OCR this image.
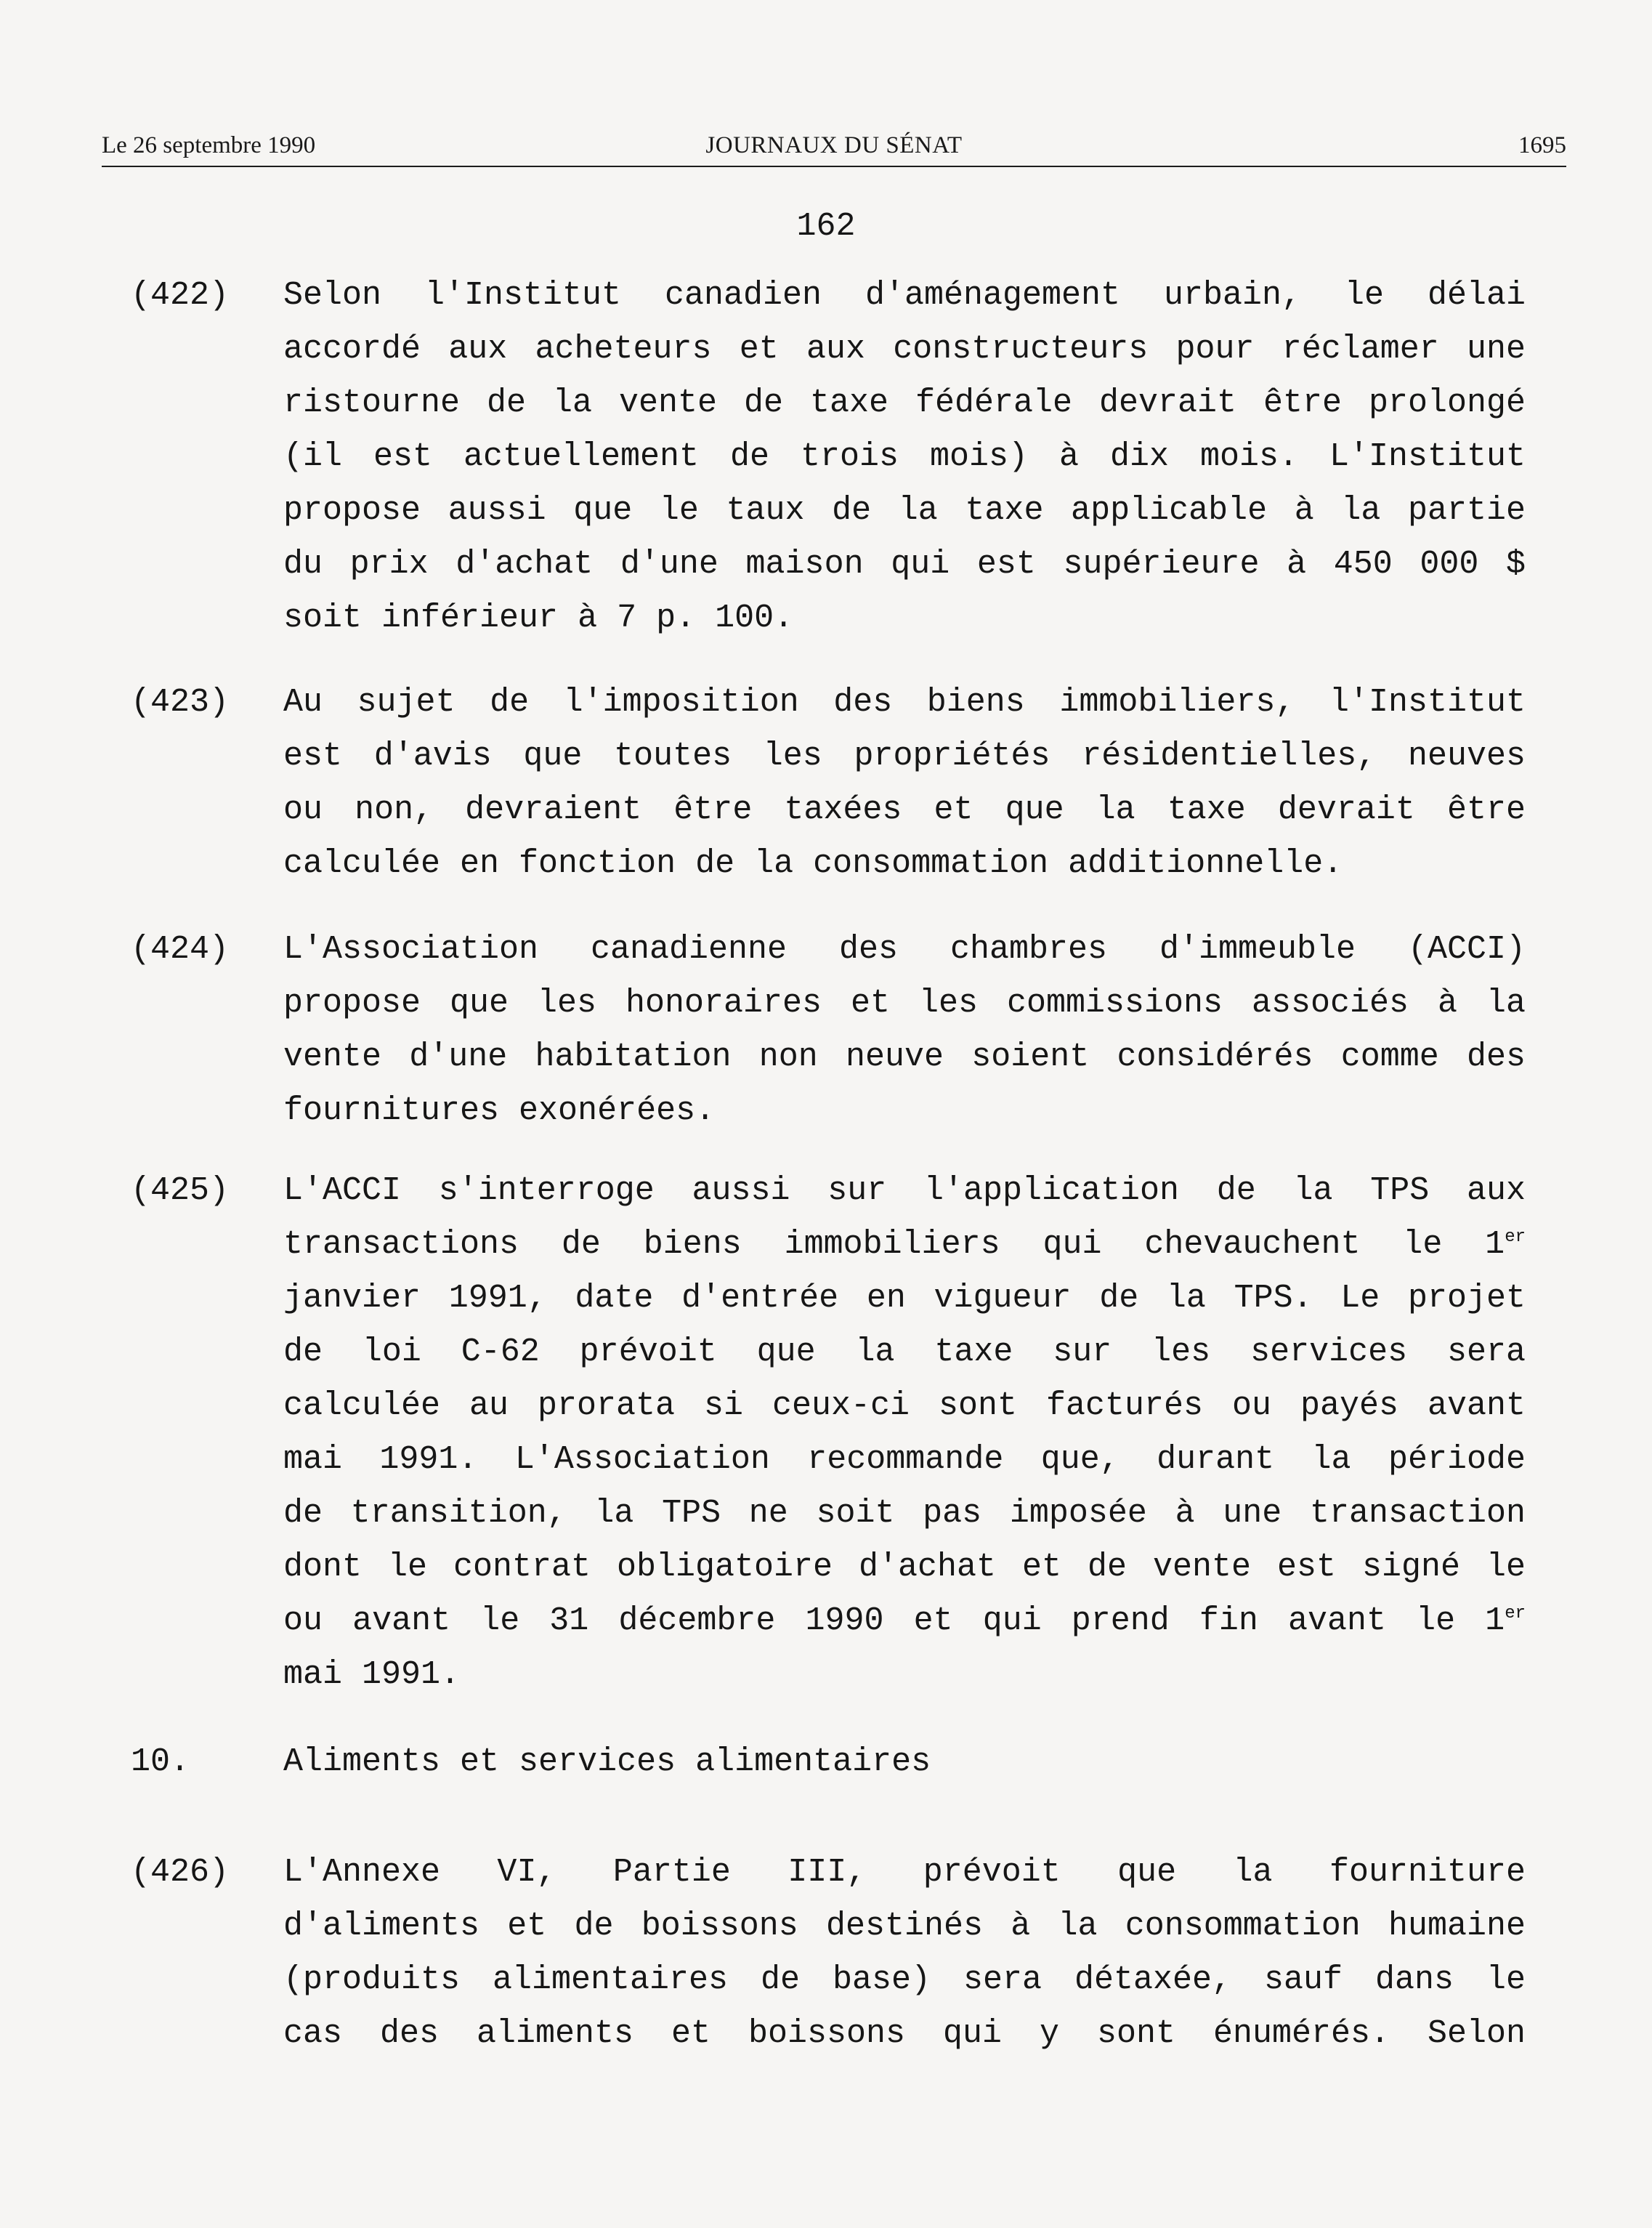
Le 26 septembre 1990	JOURNAUX DU SÉNAT	1695
162
(422) Selon l'Institut canadien d'aménagement urbain, le délai
accordé aux acheteurs et aux constructeurs pour réclamer une
ristourne de la vente de taxe fédérale devrait être prolongé
(il est actuellement de trois mois) à dix mois. L'Institut
propose aussi que le taux de la taxe applicable à la partie
du prix d'achat d'une maison qui est supérieure à 450 000 $
soit inférieur à 7 p. 100.
(423) Au sujet de l'imposition des biens immobiliers, l'Institut
est d'avis que toutes les propriétés résidentielles, neuves
ou non, devraient être taxées et que la taxe devrait être
calculée en fonction de la consommation additionnelle.
(424) L'Association canadienne des chambres d'immeuble (ACCI)
propose que les honoraires et les commissions associés à la
vente d'une habitation non neuve soient considérés comme des
fournitures exonérées.
(425) L'ACCI s'interroge aussi sur l'application de la TPS aux
transactions de biens immobiliers qui chevauchent le 1er
janvier 1991, date d'entrée en vigueur de la TPS. Le projet
de loi C-62 prévoit que la taxe sur les services sera
calculée au prorata si ceux-ci sont facturés ou payés avant
mai 1991. L'Association recommande que, durant la période
de transition, la TPS ne soit pas imposée à une transaction
dont le contrat obligatoire d'achat et de vente est signé le
ou avant le 31 décembre 1990 et qui prend fin avant le 1er
mai 1991.
10.	Aliments et services alimentaires
(426) L'Annexe VI, Partie III, prévoit que la fourniture
d'aliments et de boissons destinés à la consommation humaine
(produits alimentaires de base) sera détaxée, sauf dans le
cas des aliments et boissons qui y sont énumérés. Selon
